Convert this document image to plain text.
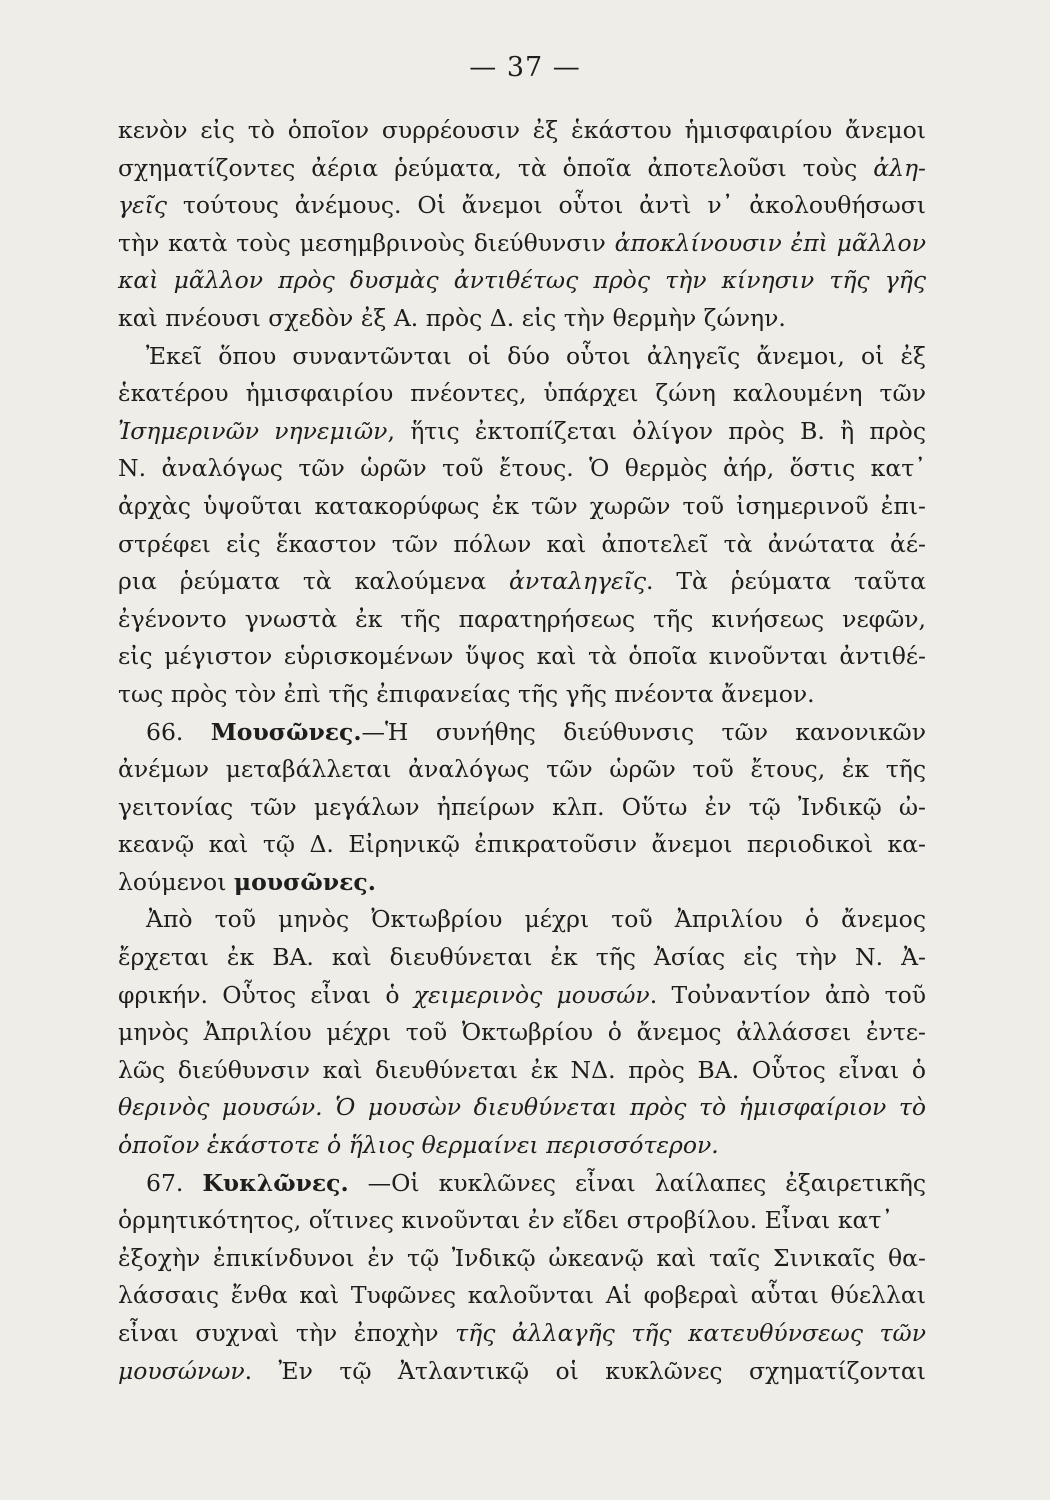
— 37 —
κενὸν εἰς τὸ ὁποῖον συρρέουσιν ἐξ ἑκάστου ἡμισφαιρίου ἄνεμοι
σχηματίζοντες ἀέρια ῥεύματα, τὰ ὁποῖα ἀποτελοῦσι τοὺς ἀλη-
γεῖς τούτους ἀνέμους. Οἱ ἄνεμοι οὗτοι ἀντὶ ν᾽ ἀκολουθήσωσι
τὴν κατὰ τοὺς μεσημβρινοὺς διεύθυνσιν ἀποκλίνουσιν ἐπὶ μᾶλλον
καὶ μᾶλλον πρὸς δυσμὰς ἀντιθέτως πρὸς τὴν κίνησιν τῆς γῆς
καὶ πνέουσι σχεδὸν ἐξ Α. πρὸς Δ. εἰς τὴν θερμὴν ζώνην.
Ἐκεῖ ὅπου συναντῶνται οἱ δύο οὗτοι ἀληγεῖς ἄνεμοι, οἱ ἐξ
ἑκατέρου ἡμισφαιρίου πνέοντες, ὑπάρχει ζώνη καλουμένη τῶν
Ἰσημερινῶν νηνεμιῶν, ἥτις ἐκτοπίζεται ὀλίγον πρὸς Β. ἢ πρὸς
Ν. ἀναλόγως τῶν ὡρῶν τοῦ ἔτους. Ὁ θερμὸς ἀήρ, ὅστις κατ᾽
ἀρχὰς ὑψοῦται κατακορύφως ἐκ τῶν χωρῶν τοῦ ἰσημερινοῦ ἐπι-
στρέφει εἰς ἕκαστον τῶν πόλων καὶ ἀποτελεῖ τὰ ἀνώτατα ἀέ-
ρια ῥεύματα τὰ καλούμενα ἀνταληγεῖς. Τὰ ῥεύματα ταῦτα
ἐγένοντο γνωστὰ ἐκ τῆς παρατηρήσεως τῆς κινήσεως νεφῶν,
εἰς μέγιστον εὑρισκομένων ὕψος καὶ τὰ ὁποῖα κινοῦνται ἀντιθέ-
τως πρὸς τὸν ἐπὶ τῆς ἐπιφανείας τῆς γῆς πνέοντα ἄνεμον.
66. Μουσῶνες.—Ἡ συνήθης διεύθυνσις τῶν κανονικῶν
ἀνέμων μεταβάλλεται ἀναλόγως τῶν ὡρῶν τοῦ ἔτους, ἐκ τῆς
γειτονίας τῶν μεγάλων ἠπείρων κλπ. Οὕτω ἐν τῷ Ἰνδικῷ ὠ-
κεανῷ καὶ τῷ Δ. Εἰρηνικῷ ἐπικρατοῦσιν ἄνεμοι περιοδικοὶ κα-
λούμενοι μουσῶνες.
Ἀπὸ τοῦ μηνὸς Ὀκτωβρίου μέχρι τοῦ Ἀπριλίου ὁ ἄνεμος
ἔρχεται ἐκ ΒΑ. καὶ διευθύνεται ἐκ τῆς Ἀσίας εἰς τὴν Ν. Ἀ-
φρικήν. Οὗτος εἶναι ὁ χειμερινὸς μουσών. Τοὐναντίον ἀπὸ τοῦ
μηνὸς Ἀπριλίου μέχρι τοῦ Ὀκτωβρίου ὁ ἄνεμος ἀλλάσσει ἐντε-
λῶς διεύθυνσιν καὶ διευθύνεται ἐκ ΝΔ. πρὸς ΒΑ. Οὗτος εἶναι ὁ
θερινὸς μουσών. Ὁ μουσὼν διευθύνεται πρὸς τὸ ἡμισφαίριον τὸ
ὁποῖον ἑκάστοτε ὁ ἥλιος θερμαίνει περισσότερον.
67. Κυκλῶνες. —Οἱ κυκλῶνες εἶναι λαίλαπες ἐξαιρετικῆς
ὁρμητικότητος, οἵτινες κινοῦνται ἐν εἴδει στροβίλου. Εἶναι κατ᾽
ἐξοχὴν ἐπικίνδυνοι ἐν τῷ Ἰνδικῷ ὠκεανῷ καὶ ταῖς Σινικαῖς θα-
λάσσαις ἔνθα καὶ Τυφῶνες καλοῦνται Αἱ φοβεραὶ αὗται θύελλαι
εἶναι συχναὶ τὴν ἐποχὴν τῆς ἀλλαγῆς τῆς κατευθύνσεως τῶν
μουσώνων. Ἐν τῷ Ἀτλαντικῷ οἱ κυκλῶνες σχηματίζονται
